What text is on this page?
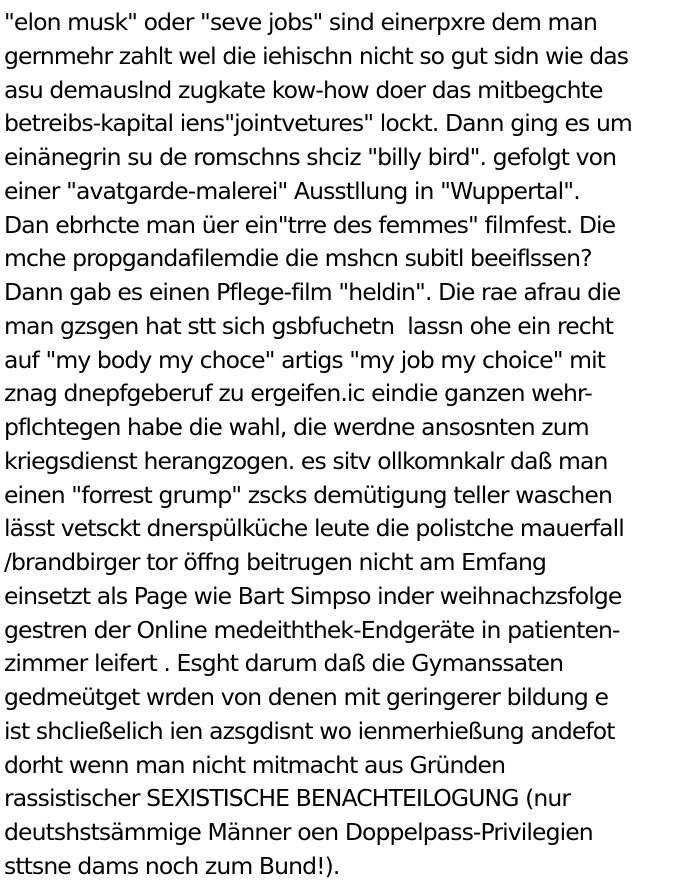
"elon musk" oder "seve jobs" sind einerpxre dem man
gernmehr zahlt wel die iehischn nicht so gut sidn wie das
asu demauslnd zugkate kow-how doer das mitbegchte
betreibs-kapital iens"jointvetures" lockt. Dann ging es um
einänegrin su de romschns shciz "billy bird". gefolgt von
einer "avatgarde-malerei" Ausstllung in "Wuppertal".
Dan ebrhcte man üer ein"trre des femmes" filmfest. Die
mche propgandafilemdie die mshcn subitl beeiflssen?
Dann gab es einen Pflege-film "heldin". Die rae afrau die
man gzsgen hat stt sich gsbfuchetn  lassn ohe ein recht
auf "my body my choce" artigs "my job my choice" mit
znag dnepfgeberuf zu ergeifen.ic eindie ganzen wehr-
pflchtegen habe die wahl, die werdne ansosnten zum
kriegsdienst herangzogen. es sitv ollkomnkalr daß man
einen "forrest grump" zscks demütigung teller waschen
lässt vetsckt dnerspülküche leute die polistche mauerfall
/brandbirger tor öffng beitrugen nicht am Emfang
einsetzt als Page wie Bart Simpso inder weihnachzsfolge
gestren der Online medeiththek-Endgeräte in patienten-
zimmer leifert . Esght darum daß die Gymanssaten
gedmeütget wrden von denen mit geringerer bildung e
ist shcließelich ien azsgdisnt wo ienmerhießung andefot
dorht wenn man nicht mitmacht aus Gründen
rassistischer SEXISTISCHE BENACHTEILOGUNG (nur
deutshstsämmige Männer oen Doppelpass-Privilegien
sttsne dams noch zum Bund!).
